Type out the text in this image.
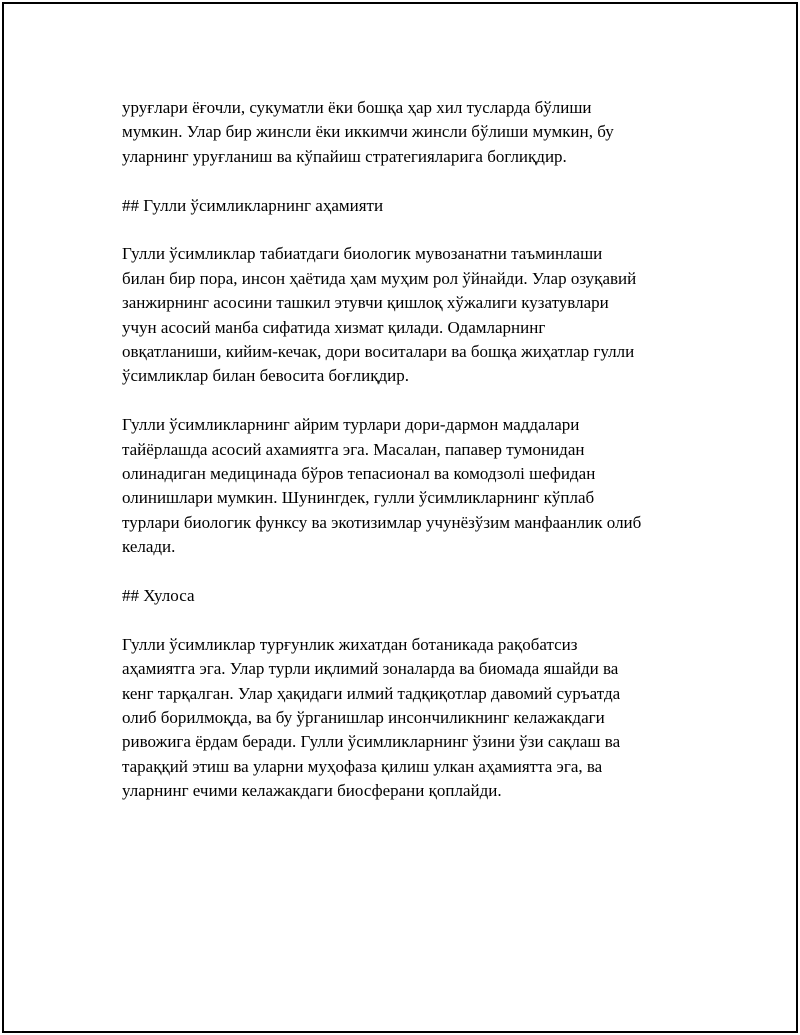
уруғлари ёғочли, сукуматли ёки бошқа ҳар хил тусларда бўлиши
мумкин. Улар бир жинсли ёки иккимчи жинсли бўлиши мумкин, бу
уларнинг уруғланиш ва кўпайиш стратегияларига боглиқдир.

## Гулли ўсимликларнинг аҳамияти

Гулли ўсимликлар табиатдаги биологик мувозанатни таъминлаши
билан бир пора, инсон ҳаётида ҳам муҳим рол ўйнайди. Улар озуқавий
занжирнинг асосини ташкил этувчи қишлоқ хўжалиги кузатувлари
учун асосий манба сифатида хизмат қилади. Одамларнинг
овқатланиши, кийим-кечак, дори воситалари ва бошқа жиҳатлар гулли
ўсимликлар билан бевосита боғлиқдир.

Гулли ўсимликларнинг айрим турлари дори-дармон маддалари
тайёрлашда асосий ахамиятга эга. Масалан, папавер тумонидан
олинадиган медицинада бўров тепасионал ва комодзолі шефидан
олинишлари мумкин. Шунингдек, гулли ўсимликларнинг кўплаб
турлари биологик функсу ва экотизимлар учунёзўзим манфаанлик олиб
келади.

## Хулоса

Гулли ўсимликлар турғунлик жихатдан ботаникада рақобатсиз
аҳамиятга эга. Улар турли иқлимий зоналарда ва биомада яшайди ва
кенг тарқалган. Улар ҳақидаги илмий тадқиқотлар давомий суръатда
олиб борилмоқда, ва бу ўрганишлар инсончиликнинг келажакдаги
ривожига ёрдам беради. Гулли ўсимликларнинг ўзини ўзи сақлаш ва
тараққий этиш ва уларни муҳофаза қилиш улкан аҳамиятта эга, ва
уларнинг ечими келажакдаги биосферани қоплайди.
